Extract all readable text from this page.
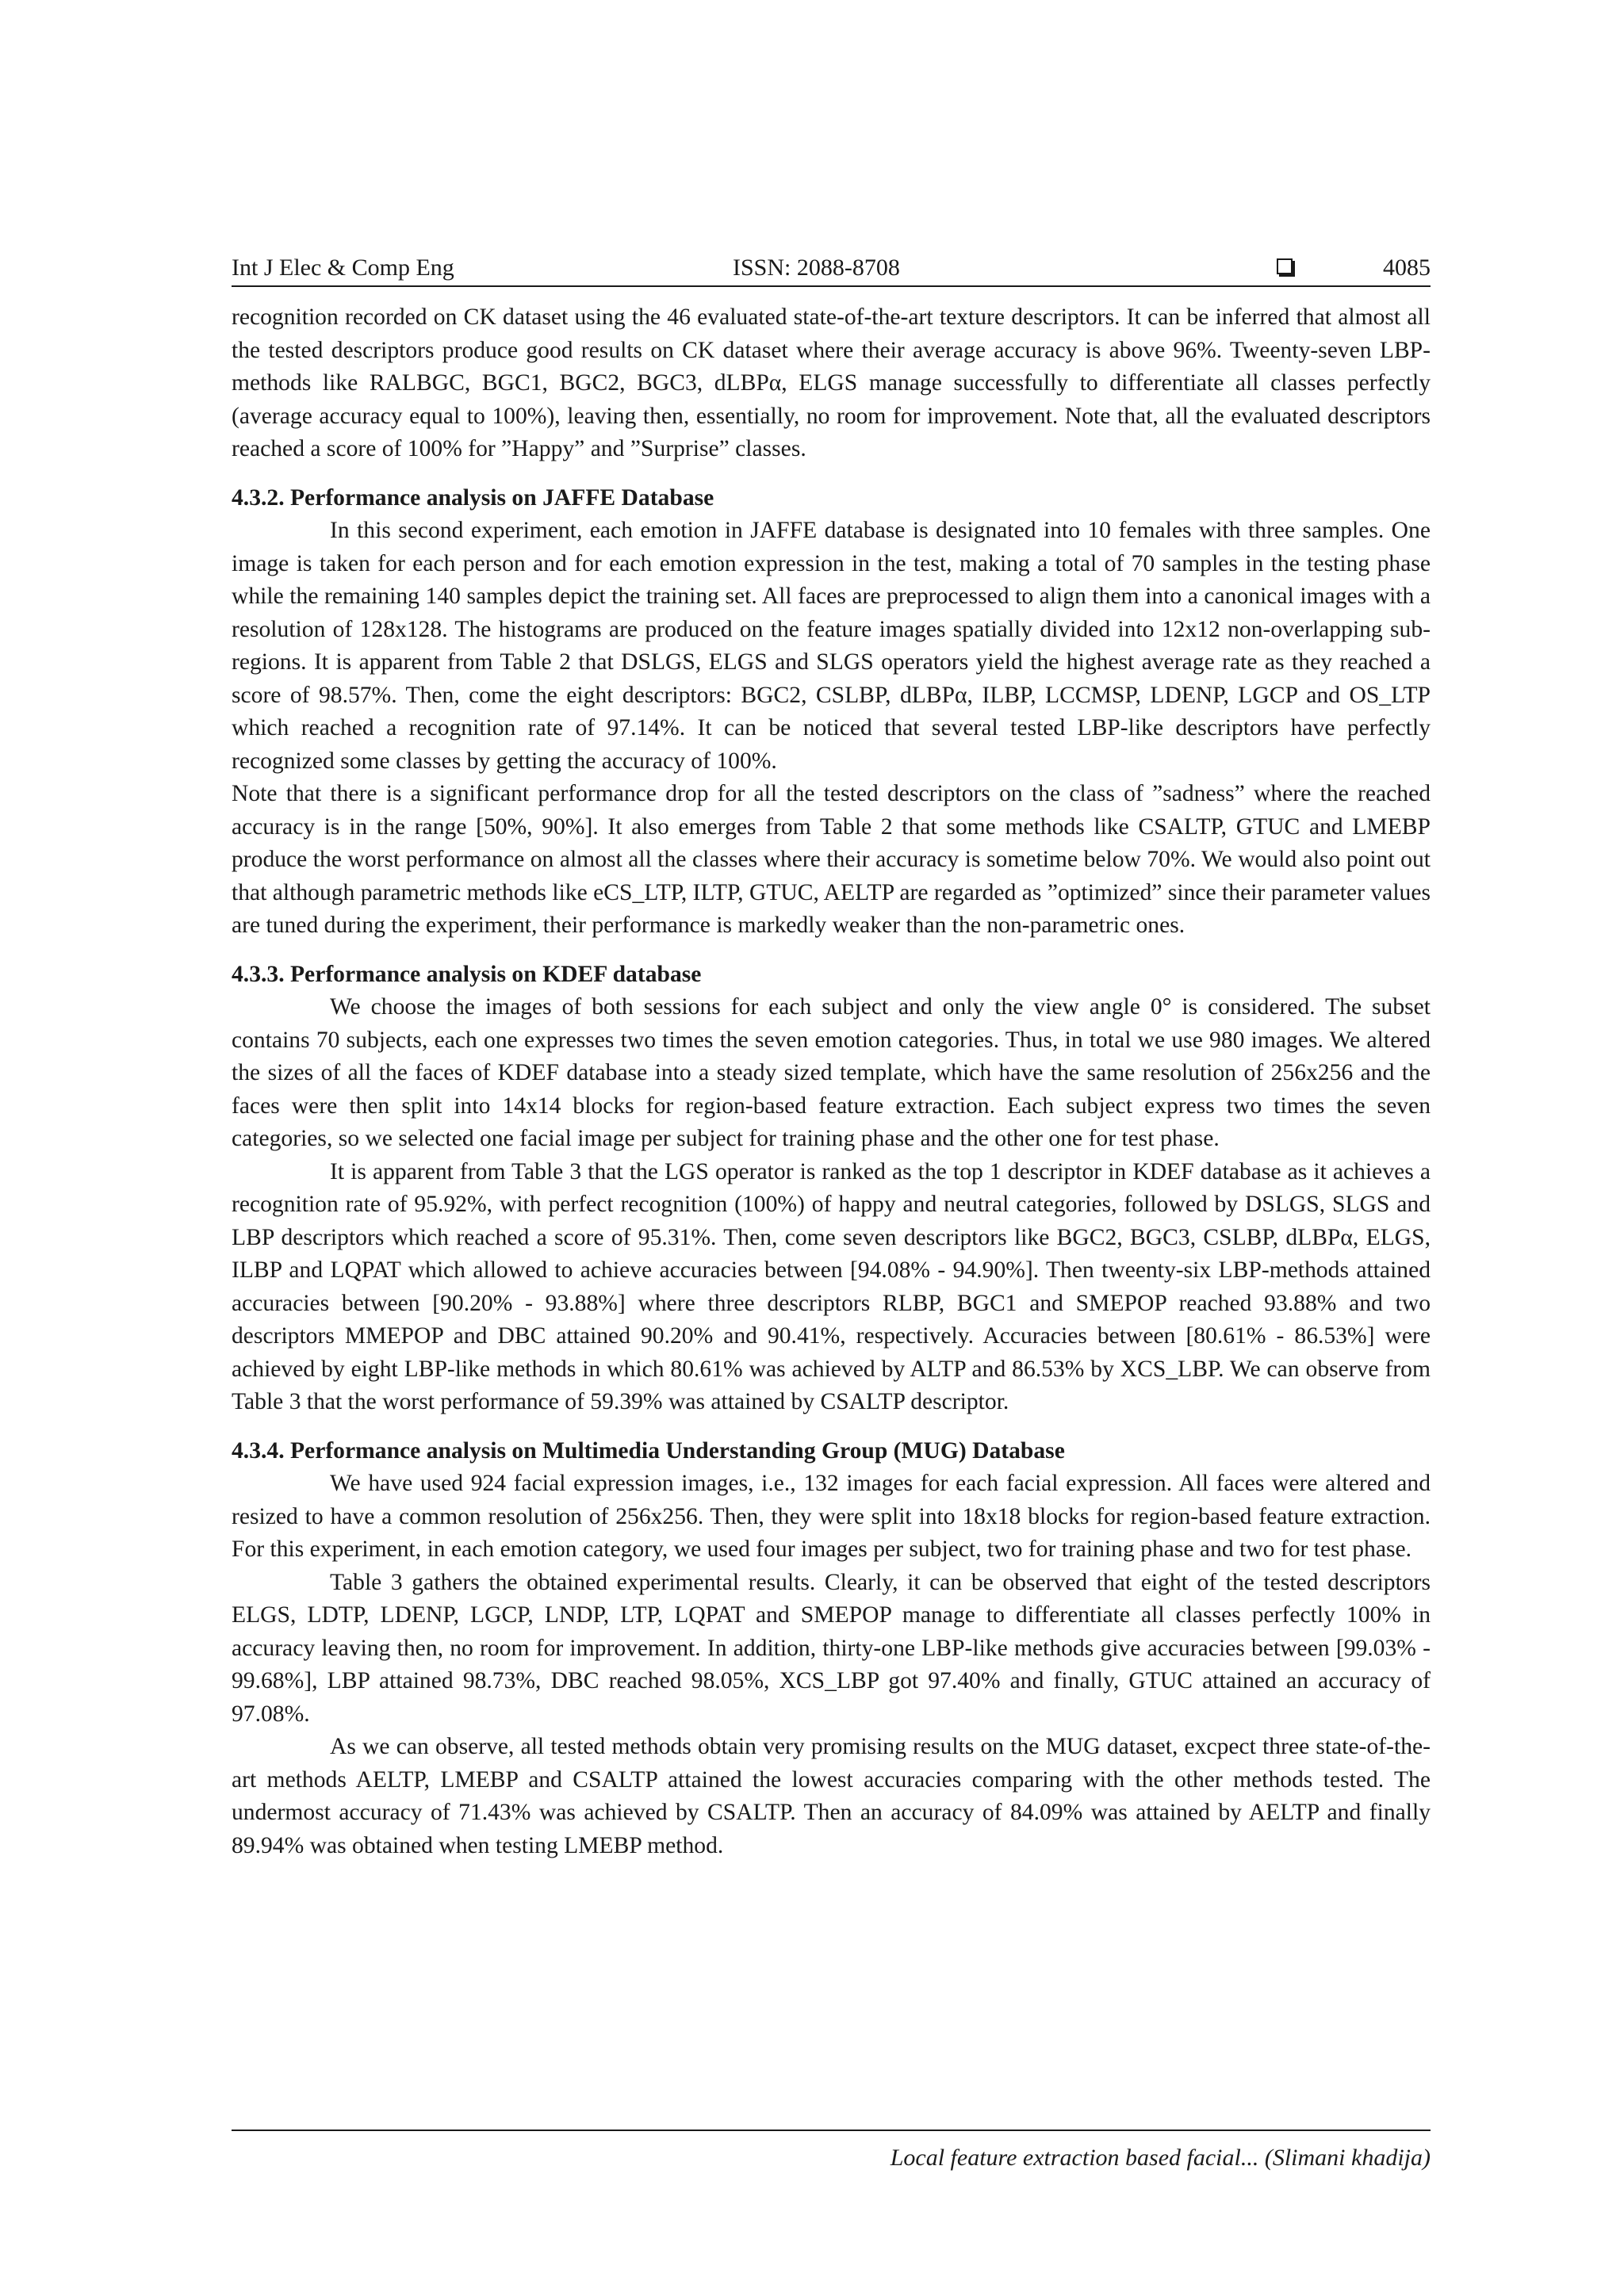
Int J Elec & Comp Eng	ISSN: 2088-8708	4085

recognition recorded on CK dataset using the 46 evaluated state-of-the-art texture descriptors. It can be inferred that almost all the tested descriptors produce good results on CK dataset where their average accuracy is above 96%. Tweenty-seven LBP-methods like RALBGC, BGC1, BGC2, BGC3, dLBPα, ELGS manage successfully to differentiate all classes perfectly (average accuracy equal to 100%), leaving then, essentially, no room for improvement. Note that, all the evaluated descriptors reached a score of 100% for ”Happy” and ”Surprise” classes.

4.3.2. Performance analysis on JAFFE Database

In this second experiment, each emotion in JAFFE database is designated into 10 females with three samples. One image is taken for each person and for each emotion expression in the test, making a total of 70 samples in the testing phase while the remaining 140 samples depict the training set. All faces are preprocessed to align them into a canonical images with a resolution of 128x128. The histograms are produced on the feature images spatially divided into 12x12 non-overlapping sub-regions. It is apparent from Table 2 that DSLGS, ELGS and SLGS operators yield the highest average rate as they reached a score of 98.57%. Then, come the eight descriptors: BGC2, CSLBP, dLBPα, ILBP, LCCMSP, LDENP, LGCP and OS_LTP which reached a recognition rate of 97.14%. It can be noticed that several tested LBP-like descriptors have perfectly recognized some classes by getting the accuracy of 100%.

Note that there is a significant performance drop for all the tested descriptors on the class of ”sadness” where the reached accuracy is in the range [50%, 90%]. It also emerges from Table 2 that some methods like CSALTP, GTUC and LMEBP produce the worst performance on almost all the classes where their accuracy is sometime below 70%. We would also point out that although parametric methods like eCS_LTP, ILTP, GTUC, AELTP are regarded as ”optimized” since their parameter values are tuned during the experiment, their performance is markedly weaker than the non-parametric ones.

4.3.3. Performance analysis on KDEF database

We choose the images of both sessions for each subject and only the view angle 0° is considered. The subset contains 70 subjects, each one expresses two times the seven emotion categories. Thus, in total we use 980 images. We altered the sizes of all the faces of KDEF database into a steady sized template, which have the same resolution of 256x256 and the faces were then split into 14x14 blocks for region-based feature extraction. Each subject express two times the seven categories, so we selected one facial image per subject for training phase and the other one for test phase.

It is apparent from Table 3 that the LGS operator is ranked as the top 1 descriptor in KDEF database as it achieves a recognition rate of 95.92%, with perfect recognition (100%) of happy and neutral categories, followed by DSLGS, SLGS and LBP descriptors which reached a score of 95.31%. Then, come seven descriptors like BGC2, BGC3, CSLBP, dLBPα, ELGS, ILBP and LQPAT which allowed to achieve accuracies between [94.08% - 94.90%]. Then tweenty-six LBP-methods attained accuracies between [90.20% - 93.88%] where three descriptors RLBP, BGC1 and SMEPOP reached 93.88% and two descriptors MMEPOP and DBC attained 90.20% and 90.41%, respectively. Accuracies between [80.61% - 86.53%] were achieved by eight LBP-like methods in which 80.61% was achieved by ALTP and 86.53% by XCS_LBP. We can observe from Table 3 that the worst performance of 59.39% was attained by CSALTP descriptor.

4.3.4. Performance analysis on Multimedia Understanding Group (MUG) Database

We have used 924 facial expression images, i.e., 132 images for each facial expression. All faces were altered and resized to have a common resolution of 256x256. Then, they were split into 18x18 blocks for region-based feature extraction. For this experiment, in each emotion category, we used four images per subject, two for training phase and two for test phase.

Table 3 gathers the obtained experimental results. Clearly, it can be observed that eight of the tested descriptors ELGS, LDTP, LDENP, LGCP, LNDP, LTP, LQPAT and SMEPOP manage to differentiate all classes perfectly 100% in accuracy leaving then, no room for improvement. In addition, thirty-one LBP-like methods give accuracies between [99.03% - 99.68%], LBP attained 98.73%, DBC reached 98.05%, XCS_LBP got 97.40% and finally, GTUC attained an accuracy of 97.08%.

As we can observe, all tested methods obtain very promising results on the MUG dataset, excpect three state-of-the-art methods AELTP, LMEBP and CSALTP attained the lowest accuracies comparing with the other methods tested. The undermost accuracy of 71.43% was achieved by CSALTP. Then an accuracy of 84.09% was attained by AELTP and finally 89.94% was obtained when testing LMEBP method.

Local feature extraction based facial... (Slimani khadija)
